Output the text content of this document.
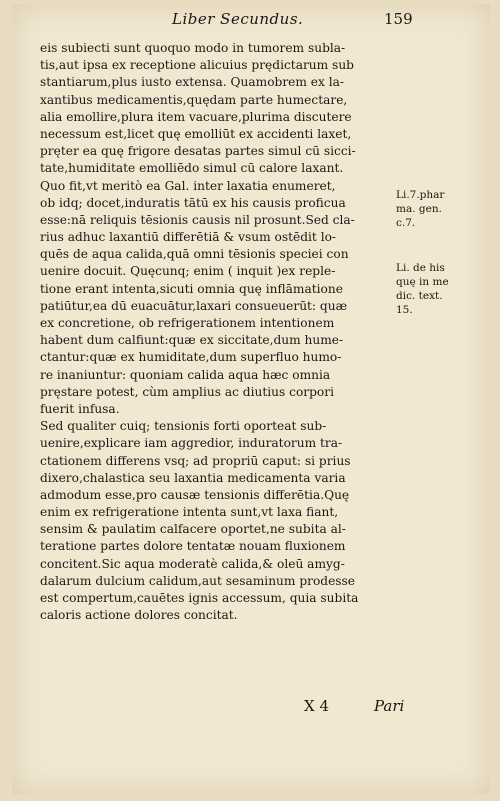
Liber Secundus.	159
eis subiecti sunt quoquo modo in tumorem subla-
tis,aut ipsa ex receptione alicuius prędictarum sub
stantiarum,plus iusto extensa. Quamobrem ex la-
xantibus medicamentis,quędam parte humectare,
alia emollire,plura item vacuare,plurima discutere
necessum est,licet quę emolliūt ex accidenti laxet,
pręter ea quę frigore desatas partes simul cū sicci-
tate,humiditate emolliēdo simul cū calore laxant.
Quo fit,vt meritò ea Gal. inter laxatia enumeret,
ob idq; docet,induratis tātū ex his causis proficua
esse:nā reliquis tēsionis causis nil prosunt.Sed cla-
rius adhuc laxantiū differētiā & vsum ostēdit lo-
quēs de aqua calida,quā omni tēsionis speciei con
uenire docuit. Quęcunq; enim ( inquit )ex reple-
tione erant intenta,sicuti omnia quę inflāmatione
patiūtur,ea dū euacuātur,laxari consueuerūt: quæ
ex concretione, ob refrigerationem intentionem
habent dum calfiunt:quæ ex siccitate,dum hume-
ctantur:quæ ex humiditate,dum superfluo humo-
re inaniuntur: quoniam calida aqua hæc omnia
pręstare potest, cùm amplius ac diutius corpori
fuerit infusa.
Sed qualiter cuiq; tensionis forti oporteat sub-
uenire,explicare iam aggredior, induratorum tra-
ctationem differens vsq; ad propriū caput: si prius
dixero,chalastica seu laxantia medicamenta varia
admodum esse,pro causæ tensionis differētia.Quę
enim ex refrigeratione intenta sunt,vt laxa fiant,
sensim & paulatim calfacere oportet,ne subita al-
teratione partes dolore tentatæ nouam fluxionem
concitent.Sic aqua moderatè calida,& oleū amyg-
dalarum dulcium calidum,aut sesaminum prodesse
est compertum,cauētes ignis accessum, quia subita
caloris actione dolores concitat.
Li.7.phar
ma. gen.
c.7.
Li. de his
quę in me
dic. text.
15.
X 4	Pari
